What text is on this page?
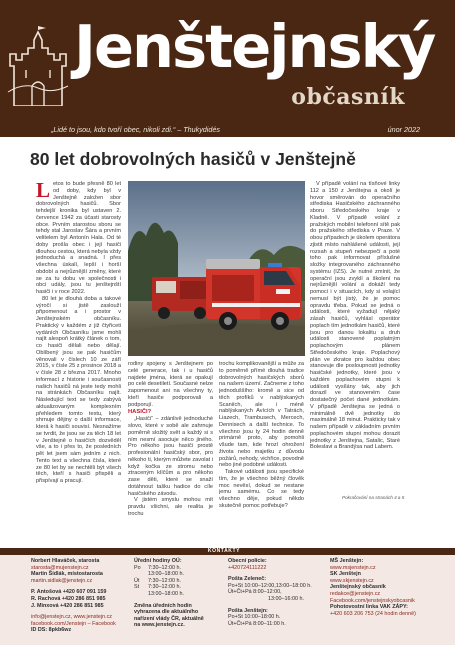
Jenštejnský
občasník
„Lidé to jsou, kdo tvoří obec, nikoli zdi.“ – Thukydidés	únor 2022
80 let dobrovolných hasičů v Jenštejně
L etos to bude přesně 80 let od doby, kdy byl v Jenštejně založen sbor dobrovolných hasičů. Sbor tehdejší kronika byl ustaven 2. července 1942 za účasti starosty obce. Prvním starostou sboru se tehdy stal Jaroslav Šára a prvním velitelem byl Antonín Hala. Od té doby prošla obec i její hasiči dlouhou cestou, která nebyla vždy jednoduchá a snadná. I přes všechna úskalí, lepší i horší období a nejrůznější změny, které se za tu dobu ve společnosti i obci udály, jsou tu jenštejnští hasiči i v roce 2022.

80 let je dlouhá doba a takové výročí si jistě zaslouží připomenout a i prostor v Jenštejnském občasníku. Praktický v každém z již čtyřiceti vydáních Občasníku jsme mohli najít alespoň krátký článek o tom, co hasiči dělali nebo dělají. Oblíbený jsou se pak hasičům věnovali v číslech 10 ze září 2015, v čísle 25 z prosince 2018 a v čísle 28 z března 2017. Mnoho informací z historie i současnosti našich hasičů ná jeste tedy mohli na stránkách Občasníku najít. Následující text se tedy zabývá aktualizovaným komplexním přehledem tomto textu, který shrnuje dějiny o další informace, která k hasiči souvisí. Nesnažíme se tvrdit, že jsou se za těch 18 let v Jenštejně o hasičích dozvěděl vše, a to i přes to, že posledních pět let jsem sám jedním z nich. Tento text a všechna čísla, které ze 80 let by se nechtěli být všech těch, kteří s hasiči přispěli a přispívají a pracují.

rodiny spojeny s Jenštejnem po celé generace, tak i u hasičů najdete jména, která se opakují po celé desetiletí. Současné nelze zapomenout ani na všechny ty, kteří hasiče podporovali a podporují.

HASIČI?

„Hasiči“ – zdánlivě jednoduché slovo, které v sobě ale zahrnuje poměrně složitý svět a každý si s ním nesmí asociuje něco jiného. Pro někoho jsou hasiči prostě profesionální hasičský sbor, pro někoho ti, kterým můžete zavolat i když kočka ze stromu nebo ztraceným klíčům a pro někoho zase děti, které se snaží dotáhnout tašku hadice do cíle hasičského závodu.

V jistém smyslu mohou mít pravdu všichni, ale realita je trochu

trochu komplikovanější a může za to poměrně přímé dlouhá tradice dobrovolných hasičských sborů na našem území. Začneme z toho jednoduššího: kromě a sice od těch profíků v nablýskaných Scaniích, ale i méně nablýskaných Avících v Tatrách, Liazech, Trambusech, Mercech, Dennisech a další technice. To všechno jsou ty 24 hodin denně primárně proto, aby pomohli všude tam, kde hrozí ohrožení života nebo majetku z důvodu požárů, nehody, vichřice, povodně nebo jiné podobné události.

Takové události jsou specifické tím, že je všechno běžný člověk moc nevěsí, dokud se nestane jemu samému. Co se tedy všechno děje, pokud někdo skutečně pomoc potřebuje?

V případě volání na tísňové linky 112 a 150 z Jenštejna a okolí je hovor směrován do operačního střediska Hasičského záchranného sboru Středočeského kraje v Kladně. V případě volání z pražských mobilní telefonní sítě pak do pražského střediska v Praze. V obou případech je úkolem operátora zjistit místo nahlášené události, její rozsah a stupeň nebezpečí a poté toho pak informovat příslušné složky integrovaného záchranného systému (IZS). Je nutné zmínit, že operační jsou zvyklí a školení na nejrůznější volání a dokáží tedy pomoci i v situacích, kdy si volající nemusí být jistý, že je pomoc opravdu třeba. Pokud se jedná o události, které vyžadují nějaký zásah hasičů, vyhlásí operátor poplach tím jednotkám hasičů, které jsou pro danou lokalitu a druh události stanovené poplatným poplachovým plánem Středočeského kraje. Poplachový plán ve zkratce pro každou obec stanovuje dle posloupnosti jednotky hasičské jednotky, které jsou v každém poplachovém stupni k události vysílány tak, aby jich dorazil ve stanoveném čase dostatečný počet dané jednotkám. V případě Jenštejna se jedná o minimálně dvě jednotky do maximálně 18 minut. Prakticky tak v našem případě v základním prvním poplachovém stupni mohou dorazit jednotky z Jenštejna, Satalic, Staré Boleslavi a Brandýsa nad Labem.

Pokračování na stranách 4 a 5
KONTAKTY
Norbert Hlaváček, starosta
starosta@mujenstejn.cz
Martin Šídlák, místostarosta
martin.sidlak@jenstejn.cz
P. Antošová +420 607 091 159
R. Rachová +420 286 851 985
J. Minxová +420 286 851 985
info@jenstejn.cz, www.jenstejn.cz
facebook.com/Jenstejn – Facebook
ID DS: 8pkb6wz
Úřední hodiny OÚ:
Po	7:30–12:00 h.
13:00–18:00 h.
Út	7:30–12:00 h.
St	7:30–12:00 h.
13:00–18:00 h.
Změna úředních hodin
vyhrazena dle aktuálního
nařízení vlády ČR, aktuálně
na www.jenstejn.cz.
Obecní policie:
+420724111222
Pošta Zeleneč:
Po+St 10:00–12:00,13:00–18:00 h.
Út+Čt+Pá 8:00–12:00,
13:00–16:00 h.
Pošta Jenštejn:
Po+St 10:00–18:00 h.
Út+Čt+Pá 8:00–11:00 h.
MŠ Jenštejn:
www.msjenstejn.cz
SK Jenštejn
www.skjenstejn.cz
Jenštejnský občasník
redakce@jenstejn.cz
Facebook.com/jenstejnskyobcasnik
Pohotovostní linka VAK ZÁPY:
+420 603 206 753 (24 hodin denně)
